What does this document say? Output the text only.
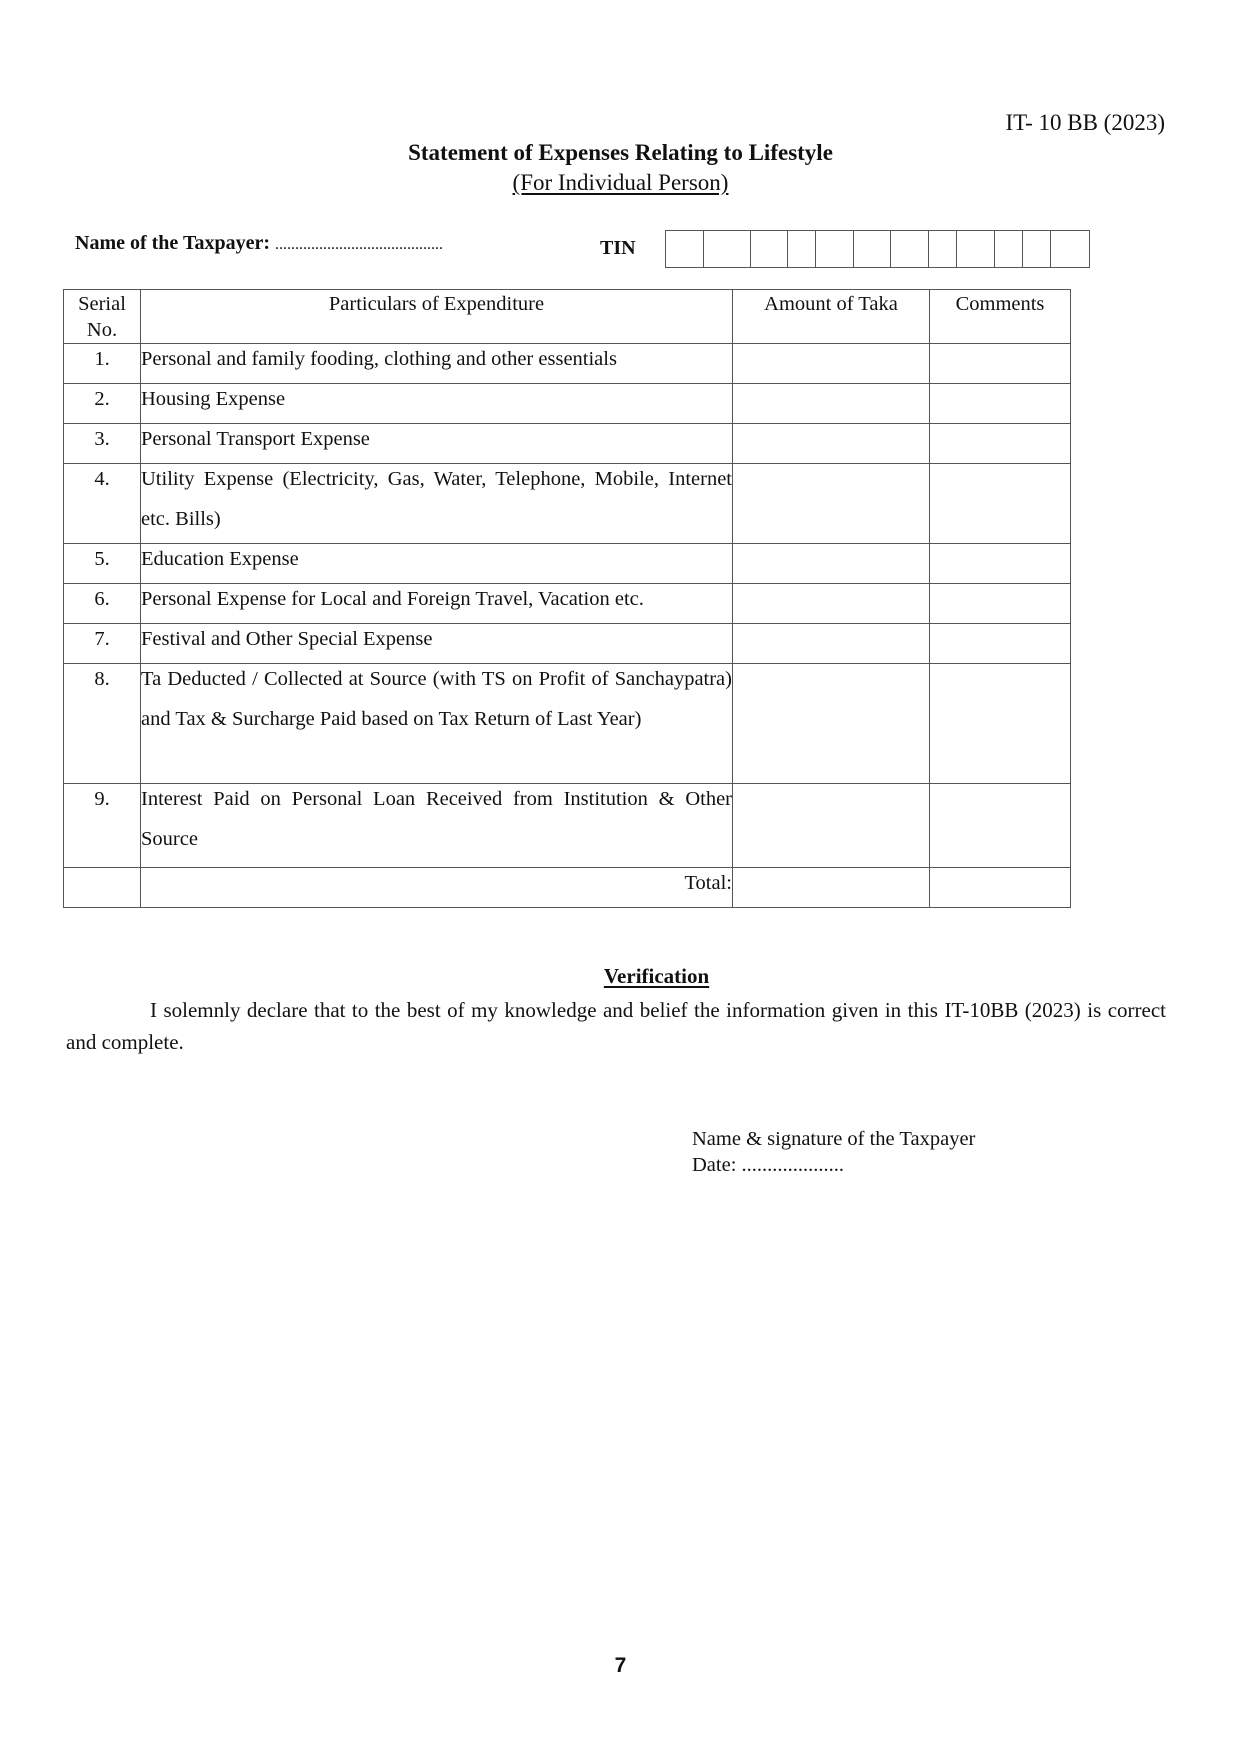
IT- 10 BB (2023)
Statement of Expenses Relating to Lifestyle
(For Individual Person)
Name of the Taxpayer: ..........................................	TIN
Serial
No.	Particulars of Expenditure	Amount of Taka	Comments

1.	Personal and family fooding, clothing and other essentials		

2.	Housing Expense		

3.	Personal Transport Expense		

4.	Utility Expense (Electricity, Gas, Water, Telephone, Mobile, Internet etc. Bills)		

5.	Education Expense		

6.	Personal Expense for Local and Foreign Travel, Vacation etc.		

7.	Festival and Other Special Expense		

8.	Ta Deducted / Collected at Source (with TS on Profit of Sanchaypatra) and Tax & Surcharge Paid based on Tax Return of Last Year)		

9.	Interest Paid on Personal Loan Received from Institution & Other Source		

	Total:		
Verification
I solemnly declare that to the best of my knowledge and belief the information given in this IT-10BB (2023) is correct and complete.
Name & signature of the Taxpayer
Date: ....................
7
